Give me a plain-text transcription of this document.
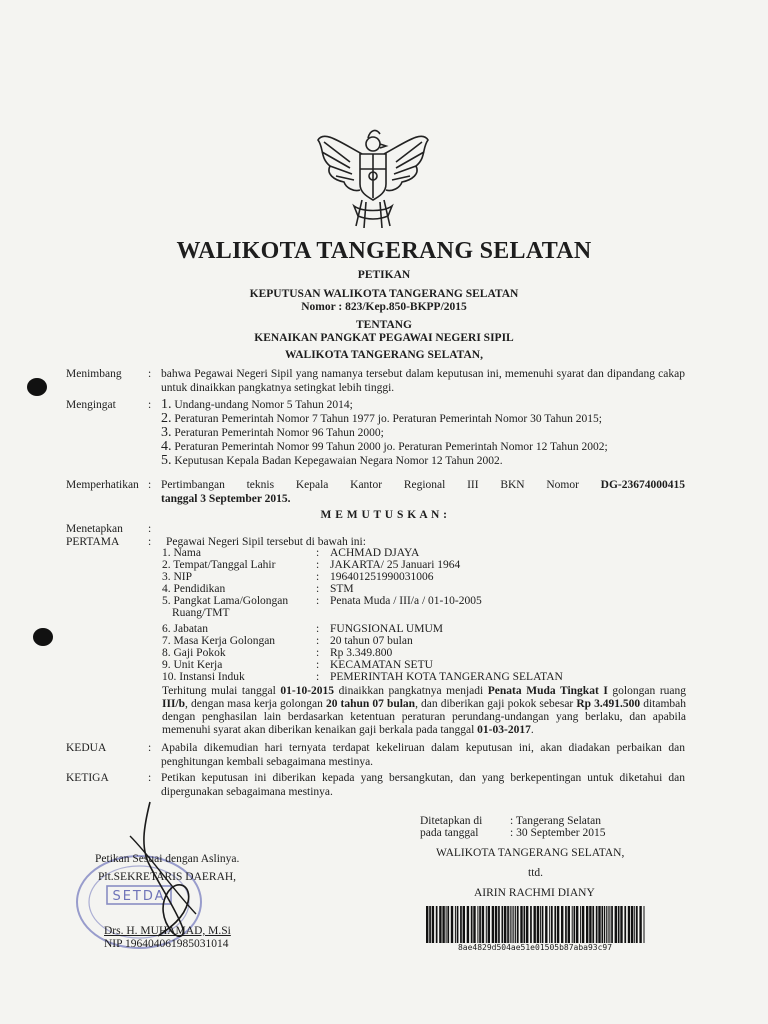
WALIKOTA TANGERANG SELATAN
PETIKAN
KEPUTUSAN WALIKOTA TANGERANG SELATAN
Nomor : 823/Kep.850-BKPP/2015
TENTANG
KENAIKAN PANGKAT PEGAWAI NEGERI SIPIL
WALIKOTA TANGERANG SELATAN,
Menimbang : bahwa Pegawai Negeri Sipil yang namanya tersebut dalam keputusan ini, memenuhi syarat dan dipandang cakap untuk dinaikkan pangkatnya setingkat lebih tinggi.
Mengingat	: 1. Undang-undang Nomor 5 Tahun 2014;
2. Peraturan Pemerintah Nomor 7 Tahun 1977 jo. Peraturan Pemerintah Nomor 30 Tahun 2015;
3. Peraturan Pemerintah Nomor 96 Tahun 2000;
4. Peraturan Pemerintah Nomor 99 Tahun 2000 jo. Peraturan Pemerintah Nomor 12 Tahun 2002;
5. Keputusan Kepala Badan Kepegawaian Negara Nomor 12 Tahun 2002.
Memperhatikan : Pertimbangan teknis Kepala Kantor Regional III BKN Nomor DG-23674000415
tanggal 3 September 2015.
M E M U T U S K A N :
Menetapkan :
PERTAMA : Pegawai Negeri Sipil tersebut di bawah ini:
1. Nama	: ACHMAD DJAYA
2. Tempat/Tanggal Lahir	: JAKARTA/ 25 Januari 1964
3. NIP	: 196401251990031006
4. Pendidikan	: STM
5. Pangkat Lama/Golongan : Penata Muda / III/a / 01-10-2005
Ruang/TMT
6. Jabatan	: FUNGSIONAL UMUM
7. Masa Kerja Golongan	: 20 tahun 07 bulan
8. Gaji Pokok	: Rp 3.349.800
9. Unit Kerja	: KECAMATAN SETU
10. Instansi Induk	: PEMERINTAH KOTA TANGERANG SELATAN
Terhitung mulai tanggal 01-10-2015 dinaikkan pangkatnya menjadi Penata Muda Tingkat I golongan ruang III/b, dengan masa kerja golongan 20 tahun 07 bulan, dan diberikan gaji pokok sebesar Rp 3.491.500 ditambah dengan penghasilan lain berdasarkan ketentuan peraturan perundang-undangan yang berlaku, dan apabila memenuhi syarat akan diberikan kenaikan gaji berkala pada tanggal 01-03-2017.
KEDUA	: Apabila dikemudian hari ternyata terdapat kekeliruan dalam keputusan ini, akan diadakan perbaikan dan penghitungan kembali sebagaimana mestinya.
KETIGA	: Petikan keputusan ini diberikan kepada yang bersangkutan, dan yang berkepentingan untuk diketahui dan dipergunakan sebagaimana mestinya.
Ditetapkan di : Tangerang Selatan
pada tanggal	: 30 September 2015
WALIKOTA TANGERANG SELATAN,
ttd.
AIRIN RACHMI DIANY
SETDA
Petikan Sesuai dengan Aslinya.
Plt.SEKRETARIS DAERAH,
Drs. H. MUHAMAD, M.Si
NIP 196404061985031014	8ae4829d504ae51e01505b87aba93c97
